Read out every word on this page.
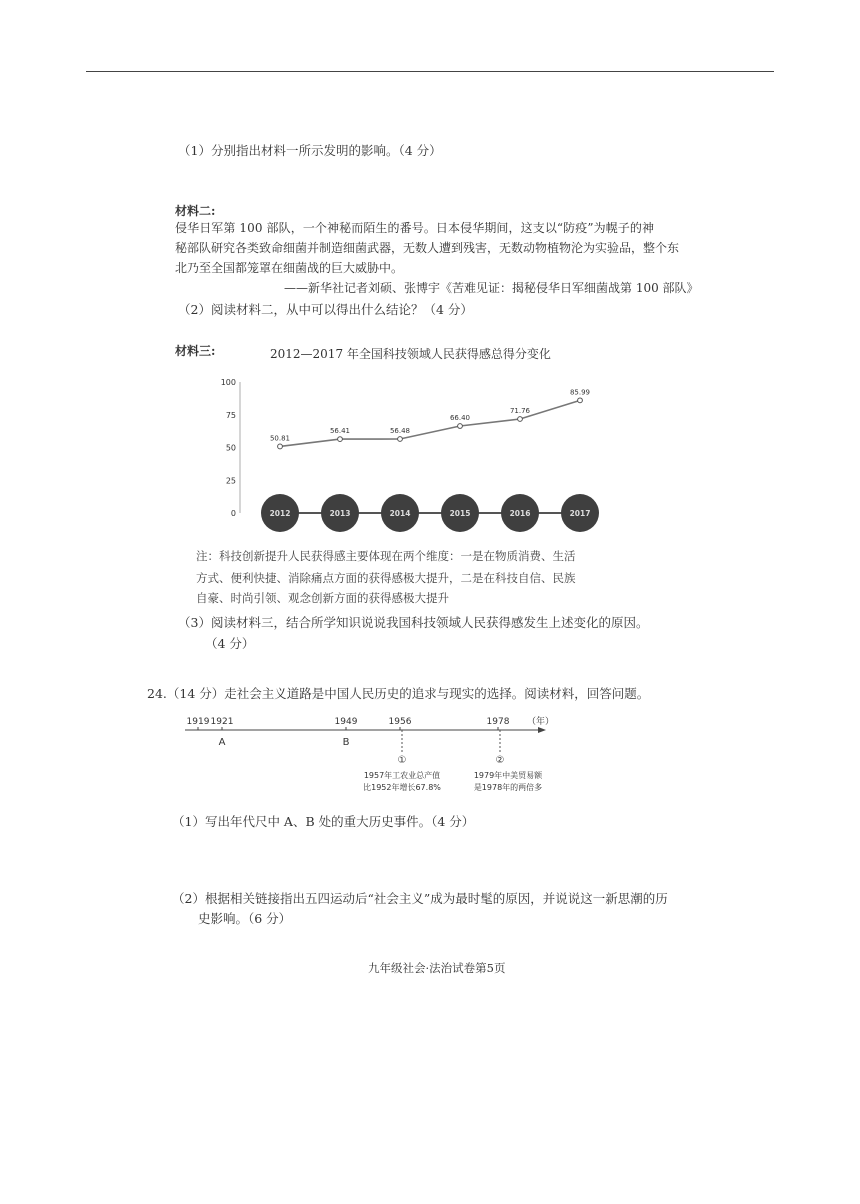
（1）分别指出材料一所示发明的影响。（4 分）
材料二:
侵华日军第 100 部队，一个神秘而陌生的番号。日本侵华期间，这支以“防疫”为幌子的神
秘部队研究各类致命细菌并制造细菌武器，无数人遭到残害，无数动物植物沦为实验品，整个东
北乃至全国都笼罩在细菌战的巨大威胁中。
——新华社记者刘硕、张博宇《苦难见证：揭秘侵华日军细菌战第 100 部队》
（2）阅读材料二，从中可以得出什么结论？（4 分）
材料三:	2012—2017 年全国科技领域人民获得感总得分变化
0
25
50
75
100
50.81
56.41	56.48
66.40
71.76
85.99
2012	2013	2014	2015	2016	2017
注：科技创新提升人民获得感主要体现在两个维度：一是在物质消费、生活
方式、便利快捷、消除痛点方面的获得感极大提升，二是在科技自信、民族
自豪、时尚引领、观念创新方面的获得感极大提升
（3）阅读材料三，结合所学知识说说我国科技领域人民获得感发生上述变化的原因。
（4 分）
24.（14 分）走社会主义道路是中国人民历史的追求与现实的选择。阅读材料，回答问题。
1919 1921	1949	1956	1978 （年）
A	B
①	②
1957年工农业总产值
比1952年增长67.8%
1979年中美贸易额
是1978年的两倍多
（1）写出年代尺中 A、B 处的重大历史事件。（4 分）
（2）根据相关链接指出五四运动后“社会主义”成为最时髦的原因，并说说这一新思潮的历
史影响。（6 分）
九年级社会·法治试卷第5页
